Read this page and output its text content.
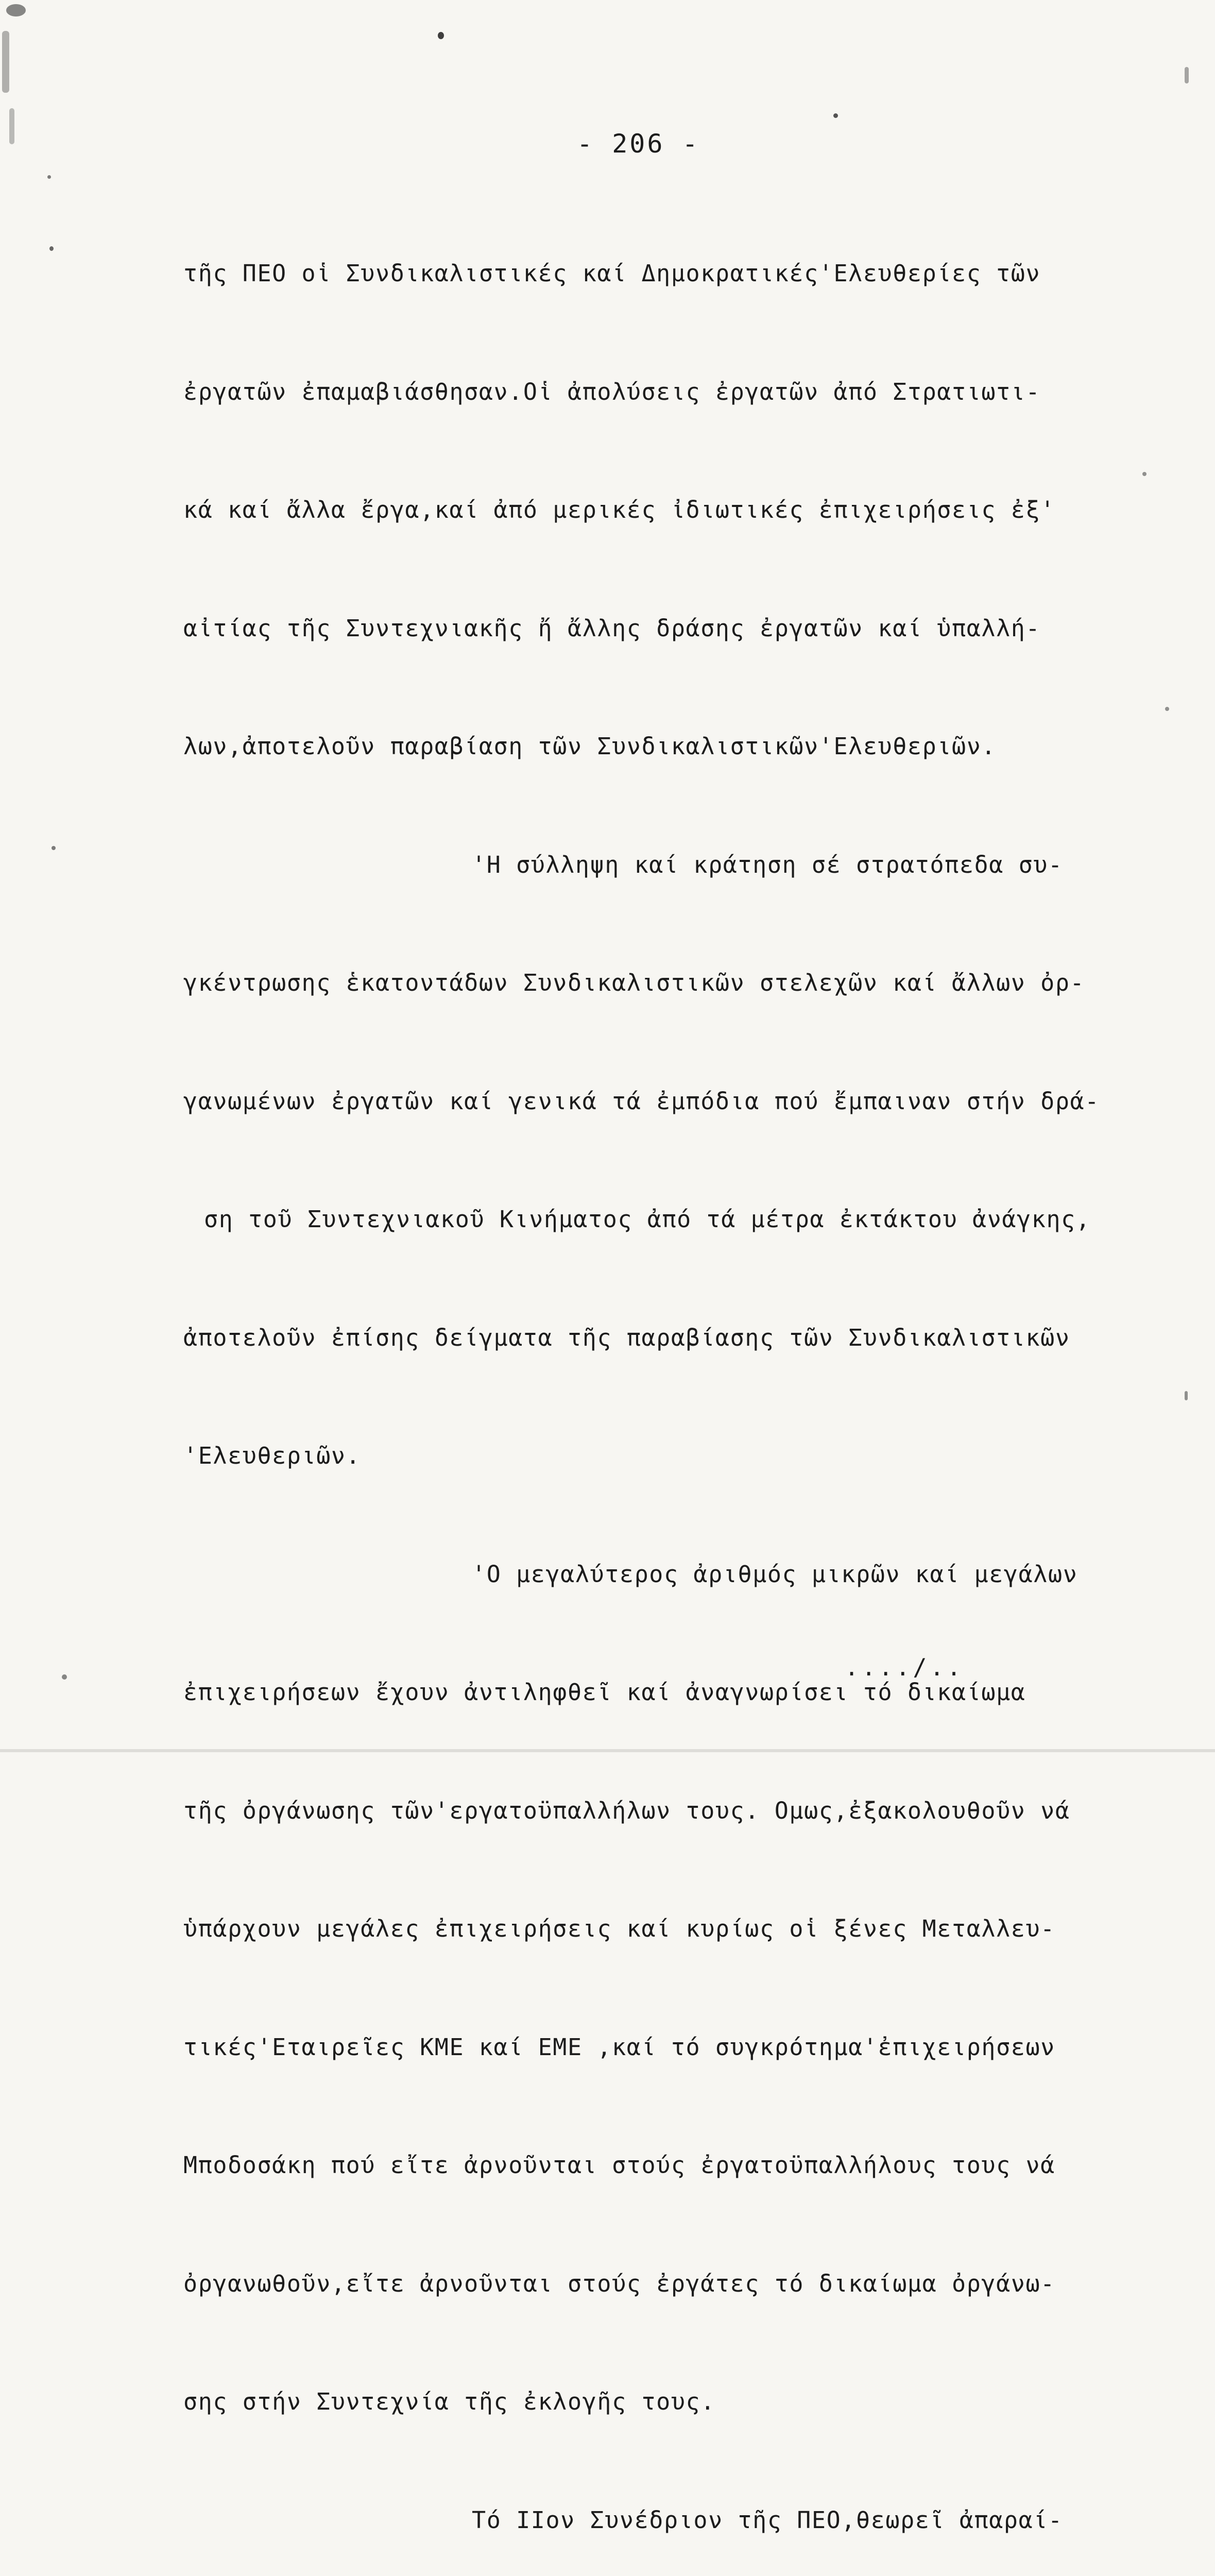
- 206 -

τῆς ΠΕΟ οἱ Συνδικαλιστικές καί Δημοκρατικές'Ελευθερίες τῶν

ἐργατῶν ἐπαμαβιάσθησαν.Οἱ ἀπολύσεις ἐργατῶν ἀπό Στρατιωτι-

κά καί ἄλλα ἔργα,καί ἀπό μερικές ἰδιωτικές ἐπιχειρήσεις ἐξ'

αἰτίας τῆς Συντεχνιακῆς ἤ ἄλλης δράσης ἐργατῶν καί ὑπαλλή-

λων,ἀποτελοῦν παραβίαση τῶν Συνδικαλιστικῶν'Ελευθεριῶν.

'Η σύλληψη καί κράτηση σέ στρατόπεδα συ-

γκέντρωσης ἑκατοντάδων Συνδικαλιστικῶν στελεχῶν καί ἄλλων ὀρ-

γανωμένων ἐργατῶν καί γενικά τά ἐμπόδια πού ἔμπαιναν στήν δρά-

ση τοῦ Συντεχνιακοῦ Κινήματος ἀπό τά μέτρα ἐκτάκτου ἀνάγκης,

ἀποτελοῦν ἐπίσης δείγματα τῆς παραβίασης τῶν Συνδικαλιστικῶν

'Ελευθεριῶν.

'Ο μεγαλύτερος ἀριθμός μικρῶν καί μεγάλων

ἐπιχειρήσεων ἔχουν ἀντιληφθεῖ καί ἀναγνωρίσει τό δικαίωμα

τῆς ὀργάνωσης τῶν'εργατοϋπαλλήλων τους. Ομως,ἐξακολουθοῦν νά

ὑπάρχουν μεγάλες ἐπιχειρήσεις καί κυρίως οἱ ξένες Μεταλλευ-

τικές'Εταιρεῖες ΚΜΕ καί ΕΜΕ ,καί τό συγκρότημα'ἐπιχειρήσεων

Μποδοσάκη πού εἴτε ἀρνοῦνται στούς ἐργατοϋπαλλήλους τους νά

ὀργανωθοῦν,εἴτε ἀρνοῦνται στούς ἐργάτες τό δικαίωμα ὀργάνω-

σης στήν Συντεχνία τῆς ἐκλογῆς τους.

Τό ΙΙον Συνέδριον τῆς ΠΕΟ,θεωρεῖ ἀπαραί-

..../..
